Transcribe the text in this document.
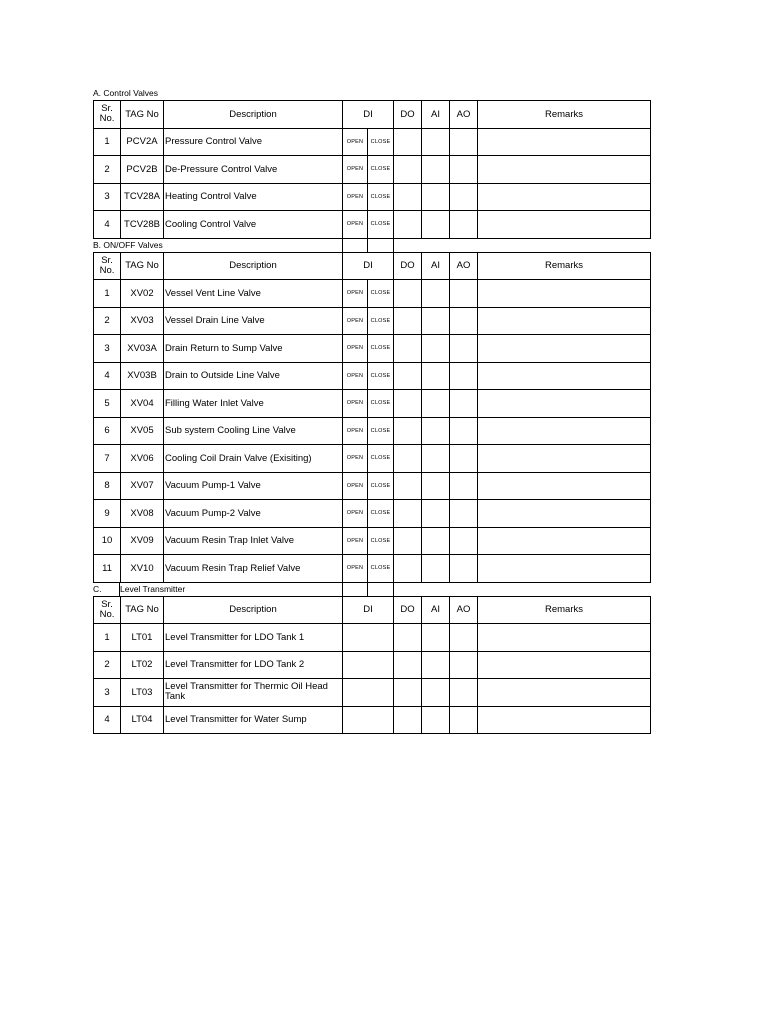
A. Control Valves
Sr. No.	TAG No	Description	DI		DO	AI	AO	Remarks
1	PCV2A	Pressure Control Valve	OPEN	CLOSE				
2	PCV2B	De-Pressure Control Valve	OPEN	CLOSE				
3	TCV28A	Heating Control Valve	OPEN	CLOSE				
4	TCV28B	Cooling Control Valve	OPEN	CLOSE				
B. ON/OFF Valves
Sr. No.	TAG No	Description	DI		DO	AI	AO	Remarks
1	XV02	Vessel Vent Line Valve	OPEN	CLOSE				
2	XV03	Vessel Drain Line Valve	OPEN	CLOSE				
3	XV03A	Drain Return to Sump Valve	OPEN	CLOSE				
4	XV03B	Drain to Outside Line Valve	OPEN	CLOSE				
5	XV04	Filling Water Inlet Valve	OPEN	CLOSE				
6	XV05	Sub system Cooling Line Valve	OPEN	CLOSE				
7	XV06	Cooling Coil Drain Valve (Exisiting)	OPEN	CLOSE				
8	XV07	Vacuum Pump-1 Valve	OPEN	CLOSE				
9	XV08	Vacuum Pump-2 Valve	OPEN	CLOSE				
10	XV09	Vacuum Resin Trap Inlet Valve	OPEN	CLOSE				
11	XV10	Vacuum Resin Trap Relief Valve	OPEN	CLOSE				
C. Level Transmitter
Sr. No.	TAG No	Description	DI	DO	AI	AO	Remarks
1	LT01	Level Transmitter for LDO Tank 1					
2	LT02	Level Transmitter for LDO Tank 2					
3	LT03	Level Transmitter for Thermic Oil Head Tank					

4	LT04	Level Transmitter for Water Sump					
